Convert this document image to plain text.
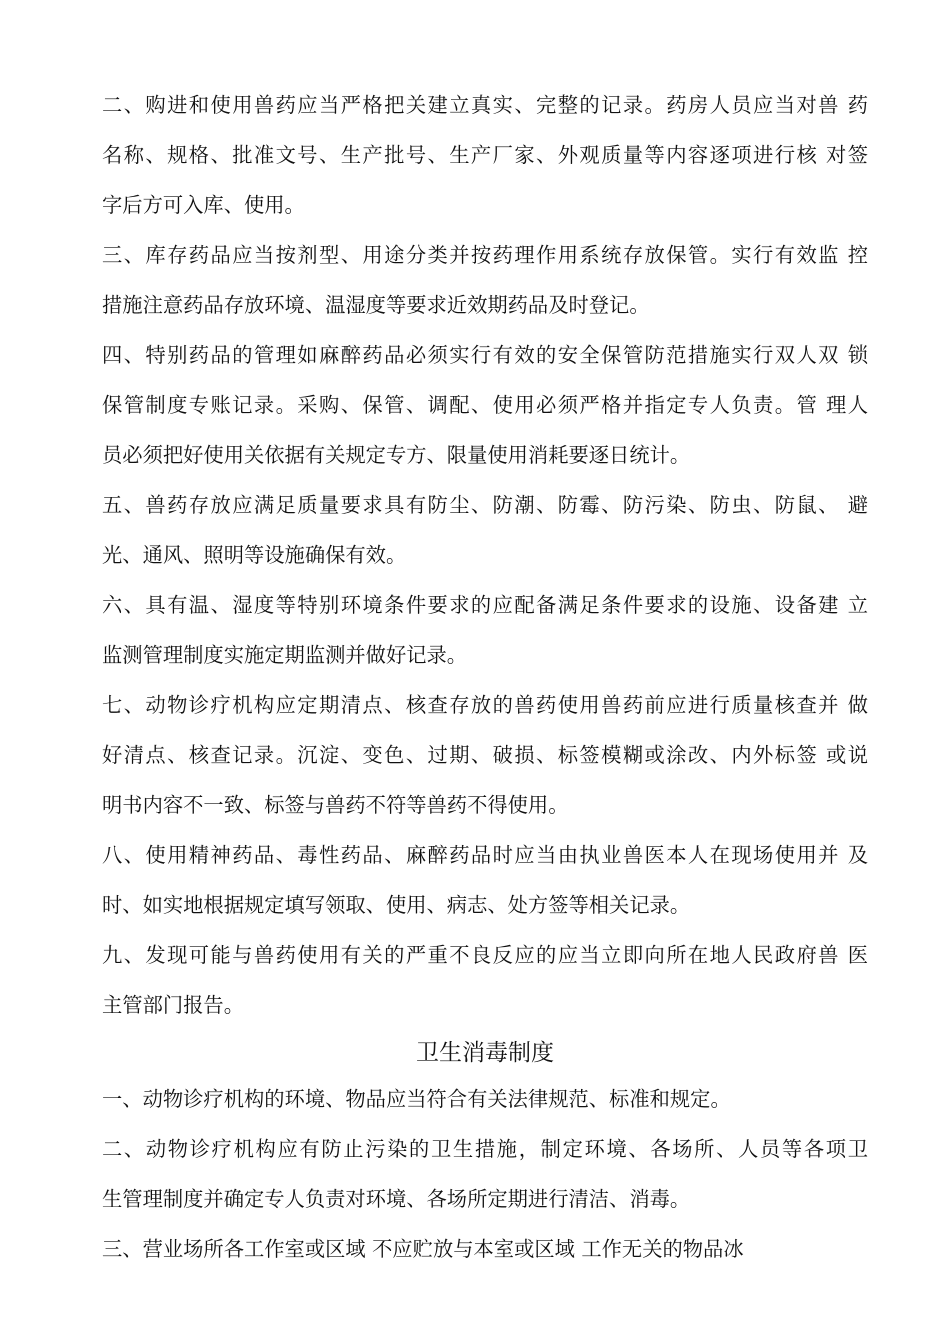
二、购进和使用兽药应当严格把关建立真实、完整的记录。药房人员应当对兽 药
名称、规格、批准文号、生产批号、生产厂家、外观质量等内容逐项进行核 对签
字后方可入库、使用。
三、库存药品应当按剂型、用途分类并按药理作用系统存放保管。实行有效监 控
措施注意药品存放环境、温湿度等要求近效期药品及时登记。
四、特别药品的管理如麻醉药品必须实行有效的安全保管防范措施实行双人双 锁
保管制度专账记录。采购、保管、调配、使用必须严格并指定专人负责。管 理人
员必须把好使用关依据有关规定专方、限量使用消耗要逐日统计。
五、兽药存放应满足质量要求具有防尘、防潮、防霉、防污染、防虫、防鼠、 避
光、通风、照明等设施确保有效。
六、具有温、湿度等特别环境条件要求的应配备满足条件要求的设施、设备建 立
监测管理制度实施定期监测并做好记录。
七、动物诊疗机构应定期清点、核查存放的兽药使用兽药前应进行质量核查并 做
好清点、核查记录。沉淀、变色、过期、破损、标签模糊或涂改、内外标签 或说
明书内容不一致、标签与兽药不符等兽药不得使用。
八、使用精神药品、毒性药品、麻醉药品时应当由执业兽医本人在现场使用并 及
时、如实地根据规定填写领取、使用、病志、处方签等相关记录。
九、发现可能与兽药使用有关的严重不良反应的应当立即向所在地人民政府兽 医
主管部门报告。
卫生消毒制度
一、动物诊疗机构的环境、物品应当符合有关法律规范、标准和规定。
二、动物诊疗机构应有防止污染的卫生措施，制定环境、各场所、人员等各项卫
生管理制度并确定专人负责对环境、各场所定期进行清洁、消毒。
三、营业场所各工作室或区域 不应贮放与本室或区域 工作无关的物品冰
